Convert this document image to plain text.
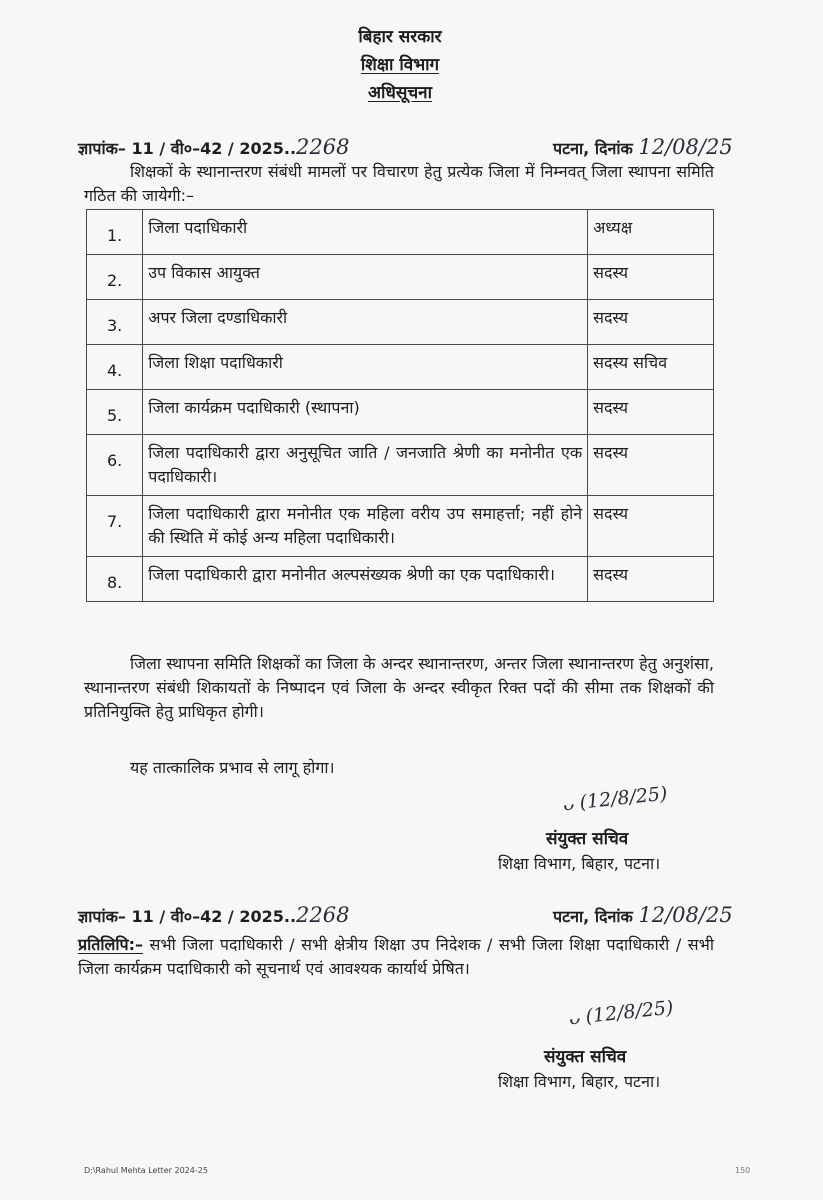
बिहार सरकार
शिक्षा विभाग
अधिसूचना
ज्ञापांक– 11 / वी०–42 / 2025..2268	पटना, दिनांक 12/08/25
शिक्षकों के स्थानान्तरण संबंधी मामलों पर विचारण हेतु प्रत्येक जिला में निम्नवत् जिला स्थापना समिति गठित की जायेगी:–
1.	जिला पदाधिकारी	अध्यक्ष
2.	उप विकास आयुक्त	सदस्य
3.	अपर जिला दण्डाधिकारी	सदस्य
4.	जिला शिक्षा पदाधिकारी	सदस्य सचिव
5.	जिला कार्यक्रम पदाधिकारी (स्थापना)	सदस्य
6.	जिला पदाधिकारी द्वारा अनुसूचित जाति / जनजाति श्रेणी का मनोनीत एक पदाधिकारी।	सदस्य
7.	जिला पदाधिकारी द्वारा मनोनीत एक महिला वरीय उप समाहर्त्ता; नहीं होने की स्थिति में कोई अन्य महिला पदाधिकारी।	सदस्य
8.	जिला पदाधिकारी द्वारा मनोनीत अल्पसंख्यक श्रेणी का एक पदाधिकारी।	सदस्य
जिला स्थापना समिति शिक्षकों का जिला के अन्दर स्थानान्तरण, अन्तर जिला स्थानान्तरण हेतु अनुशंसा, स्थानान्तरण संबंधी शिकायतों के निष्पादन एवं जिला के अन्दर स्वीकृत रिक्त पदों की सीमा तक शिक्षकों की प्रतिनियुक्ति हेतु प्राधिकृत होगी।
यह तात्कालिक प्रभाव से लागू होगा।
ᴗ (12/8/25)
संयुक्त सचिव
शिक्षा विभाग, बिहार, पटना।
ज्ञापांक– 11 / वी०–42 / 2025..2268	पटना, दिनांक 12/08/25
प्रतिलिपि:– सभी जिला पदाधिकारी / सभी क्षेत्रीय शिक्षा उप निदेशक / सभी जिला शिक्षा पदाधिकारी / सभी जिला कार्यक्रम पदाधिकारी को सूचनार्थ एवं आवश्यक कार्यार्थ प्रेषित।
ᴗ (12/8/25)
संयुक्त सचिव
शिक्षा विभाग, बिहार, पटना।
D:\Rahul Mehta Letter 2024-25	150
